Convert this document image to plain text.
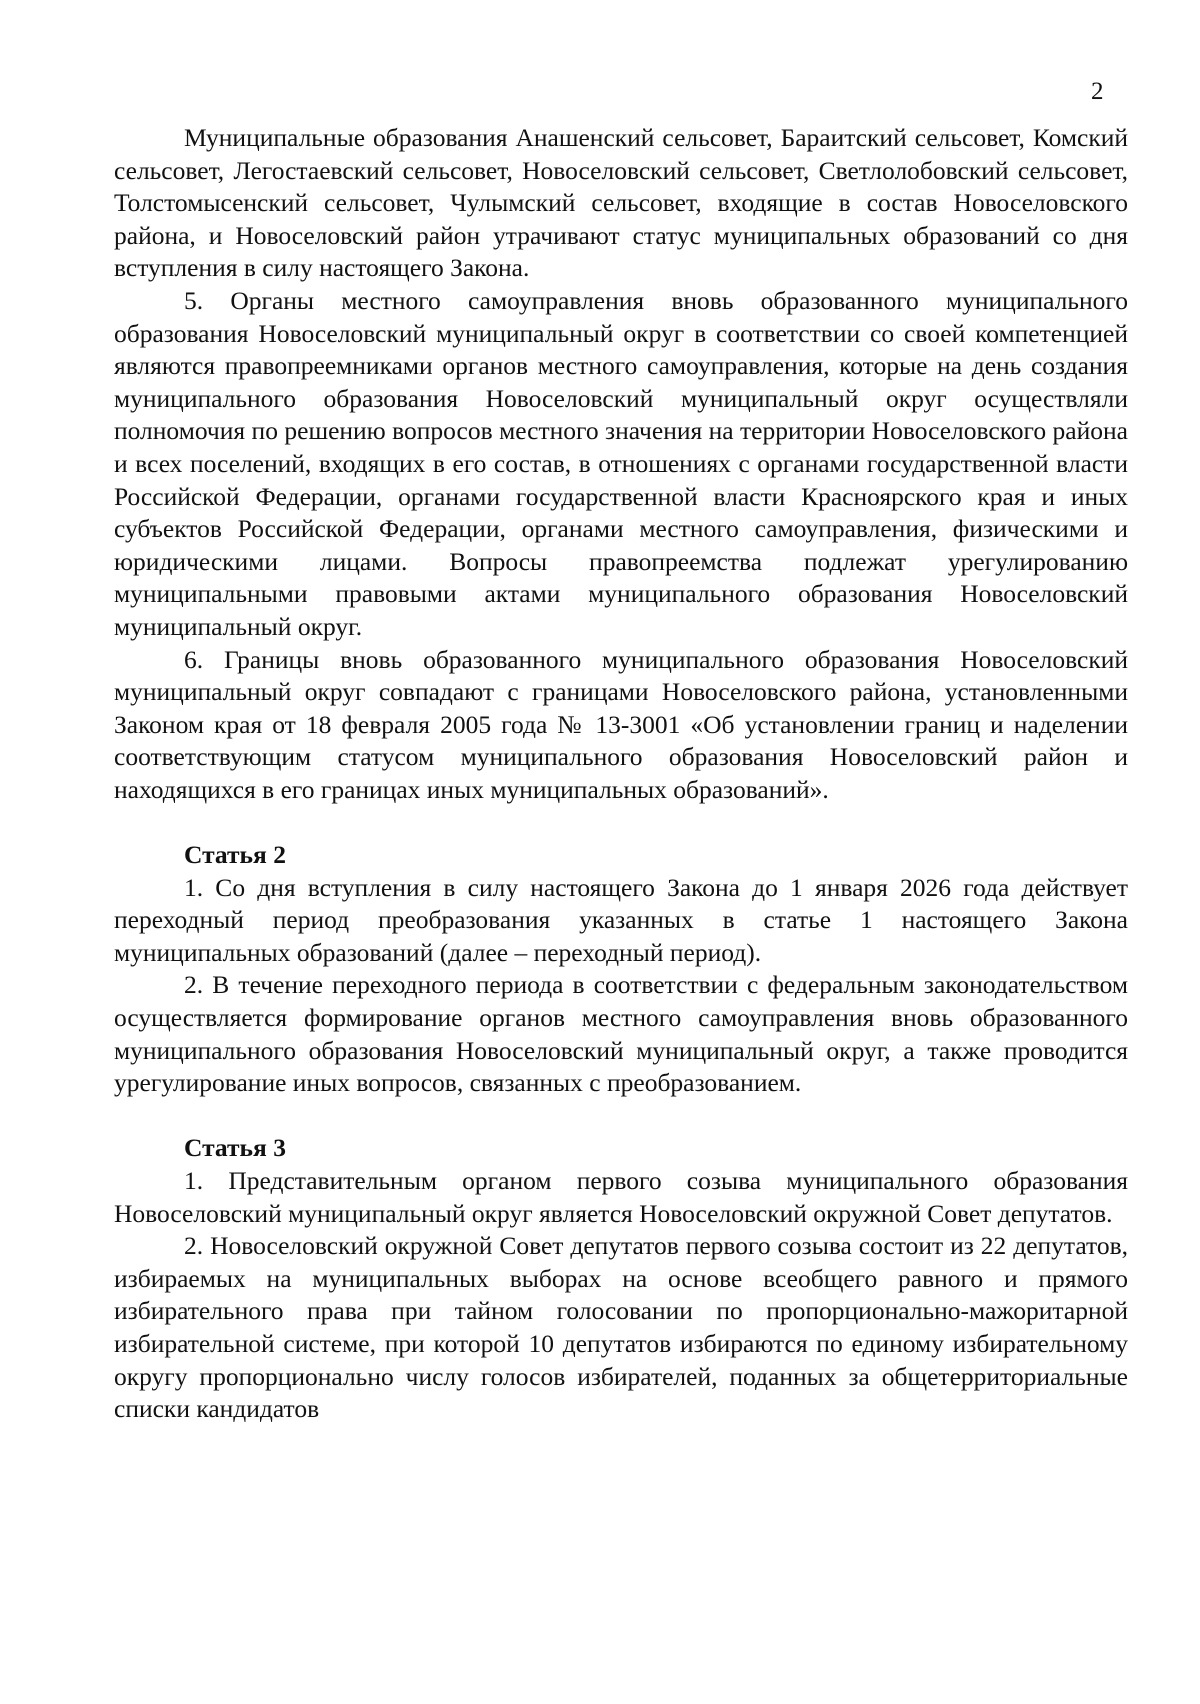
2

Муниципальные образования Анашенский сельсовет, Бараитский сельсовет, Комский сельсовет, Легостаевский сельсовет, Новоселовский сельсовет, Светлолобовский сельсовет, Толстомысенский сельсовет, Чулымский сельсовет, входящие в состав Новоселовского района, и Новоселовский район утрачивают статус муниципальных образований со дня вступления в силу настоящего Закона.

5. Органы местного самоуправления вновь образованного муниципального образования Новоселовский муниципальный округ в соответствии со своей компетенцией являются правопреемниками органов местного самоуправления, которые на день создания муниципального образования Новоселовский муниципальный округ осуществляли полномочия по решению вопросов местного значения на территории Новоселовского района и всех поселений, входящих в его состав, в отношениях с органами государственной власти Российской Федерации, органами государственной власти Красноярского края и иных субъектов Российской Федерации, органами местного самоуправления, физическими и юридическими лицами. Вопросы правопреемства подлежат урегулированию муниципальными правовыми актами муниципального образования Новоселовский муниципальный округ.

6. Границы вновь образованного муниципального образования Новоселовский муниципальный округ совпадают с границами Новоселовского района, установленными Законом края от 18 февраля 2005 года № 13-3001 «Об установлении границ и наделении соответствующим статусом муниципального образования Новоселовский район и находящихся в его границах иных муниципальных образований».

Статья 2

1. Со дня вступления в силу настоящего Закона до 1 января 2026 года действует переходный период преобразования указанных в статье 1 настоящего Закона муниципальных образований (далее – переходный период).

2. В течение переходного периода в соответствии с федеральным законодательством осуществляется формирование органов местного самоуправления вновь образованного муниципального образования Новоселовский муниципальный округ, а также проводится урегулирование иных вопросов, связанных с преобразованием.

Статья 3

1. Представительным органом первого созыва муниципального образования Новоселовский муниципальный округ является Новоселовский окружной Совет депутатов.

2. Новоселовский окружной Совет депутатов первого созыва состоит из 22 депутатов, избираемых на муниципальных выборах на основе всеобщего равного и прямого избирательного права при тайном голосовании по пропорционально-мажоритарной избирательной системе, при которой 10 депутатов избираются по единому избирательному округу пропорционально числу голосов избирателей, поданных за общетерриториальные списки кандидатов
